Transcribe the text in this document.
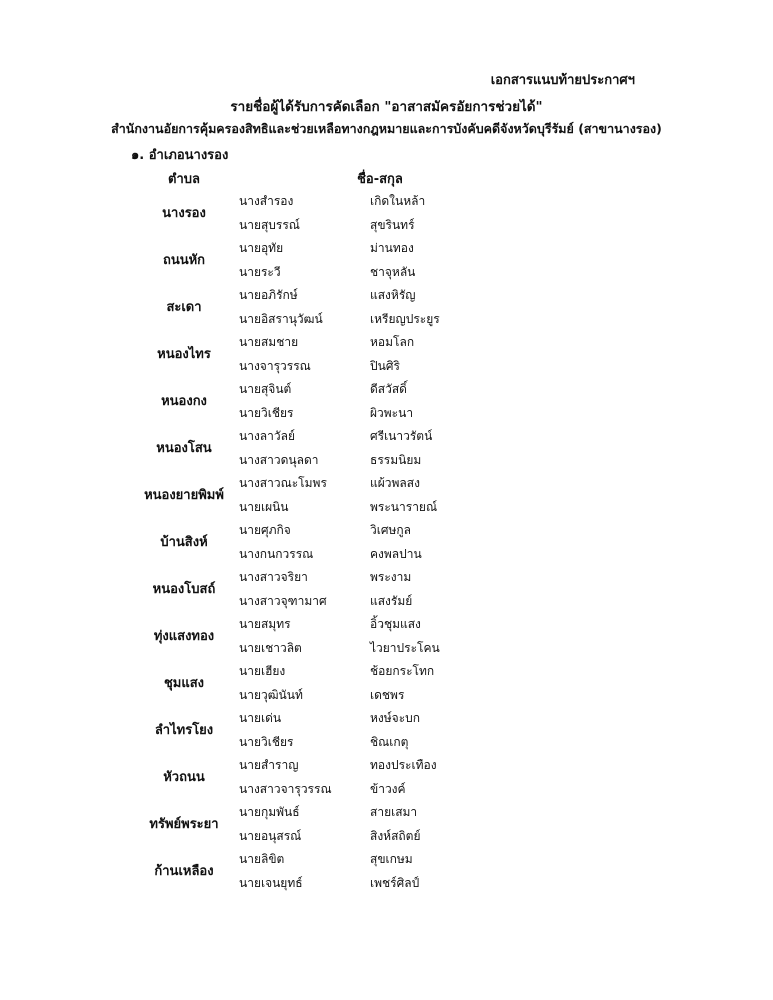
เอกสารแนบท้ายประกาศฯ
รายชื่อผู้ได้รับการคัดเลือก "อาสาสมัครอัยการช่วยได้"
สำนักงานอัยการคุ้มครองสิทธิและช่วยเหลือทางกฎหมายและการบังคับคดีจังหวัดบุรีรัมย์ (สาขานางรอง)
๑. อำเภอนางรอง
ตำบล	ชื่อ-สกุล
นางรอง
นางสำรอง	เกิดในหล้า
นายสุบรรณ์	สุขรินทร์
ถนนหัก
นายอุทัย	ม่านทอง
นายระวี	ชาจุหลัน
สะเดา
นายอภิรักษ์	แสงหิรัญ
นายอิสรานุวัฒน์	เหรียญประยูร
หนองไทร
นายสมชาย	หอมโลก
นางจารุวรรณ	ปินศิริ
หนองกง
นายสุจินต์	ดีสวัสดิ์
นายวิเชียร	ผิวพะนา
หนองโสน
นางลาวัลย์	ศรีเนาวรัตน์
นางสาวดนุลดา	ธรรมนิยม
หนองยายพิมพ์
นางสาวณะโมพร	แผ้วพลสง
นายเผนิน	พระนารายณ์
บ้านสิงห์
นายศุภกิจ	วิเศษกูล
นางกนกวรรณ	คงพลปาน
หนองโบสถ์
นางสาวจริยา	พระงาม
นางสาวจุฑามาศ	แสงรัมย์
ทุ่งแสงทอง
นายสมุทร	อิ้วชุมแสง
นายเชาวลิต	ไวยาประโคน
ชุมแสง
นายเฮียง	ช้อยกระโทก
นายวุฒินันท์	เดชพร
ลำไทรโยง
นายเด่น	หงษ์จะบก
นายวิเชียร	ชิณเกตุ
หัวถนน
นายสำราญ	ทองประเทือง
นางสาวจารุวรรณ	ข้าวงค์
ทรัพย์พระยา
นายกุมพันธ์	สายเสมา
นายอนุสรณ์	สิงห์สถิตย์
ก้านเหลือง
นายลิขิต	สุขเกษม
นายเจนยุทธ์	เพชร์ศิลป์
